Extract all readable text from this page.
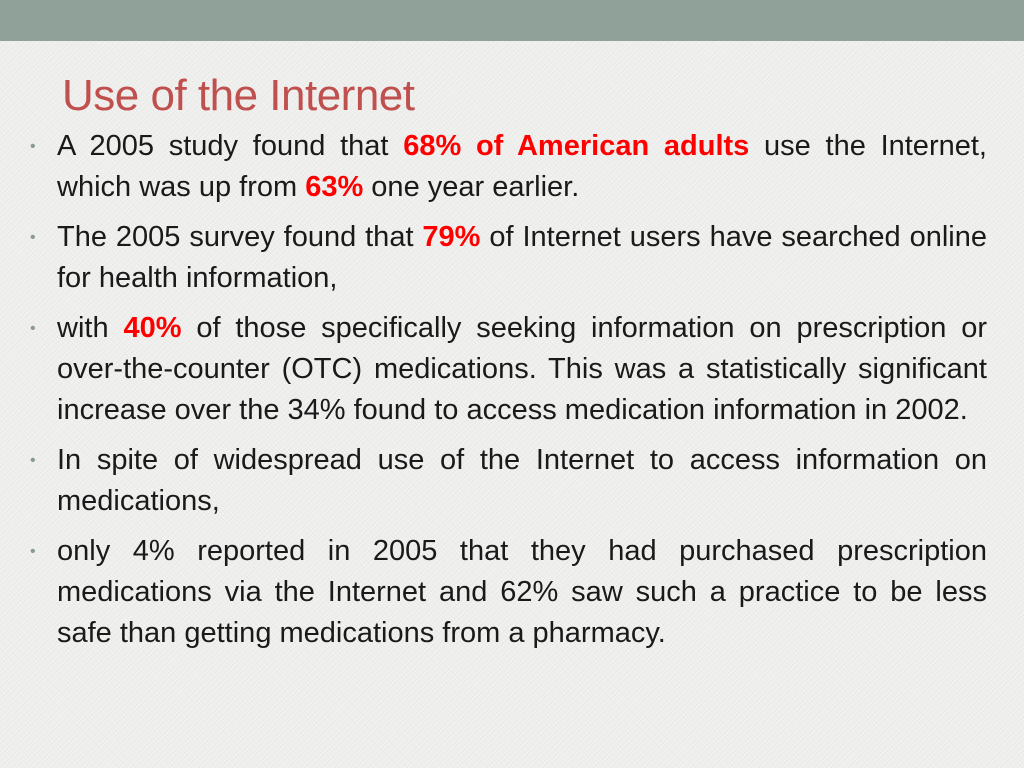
Use of the Internet
• A 2005 study found that 68% of American adults use the Internet, which was up from 63% one year earlier.
• The 2005 survey found that 79% of Internet users have searched online for health information,
• with 40% of those specifically seeking information on prescription or over-the-counter (OTC) medications. This was a statistically significant increase over the 34% found to access medication information in 2002.
• In spite of widespread use of the Internet to access information on medications,
• only 4% reported in 2005 that they had purchased prescription medications via the Internet and 62% saw such a practice to be less safe than getting medications from a pharmacy.
